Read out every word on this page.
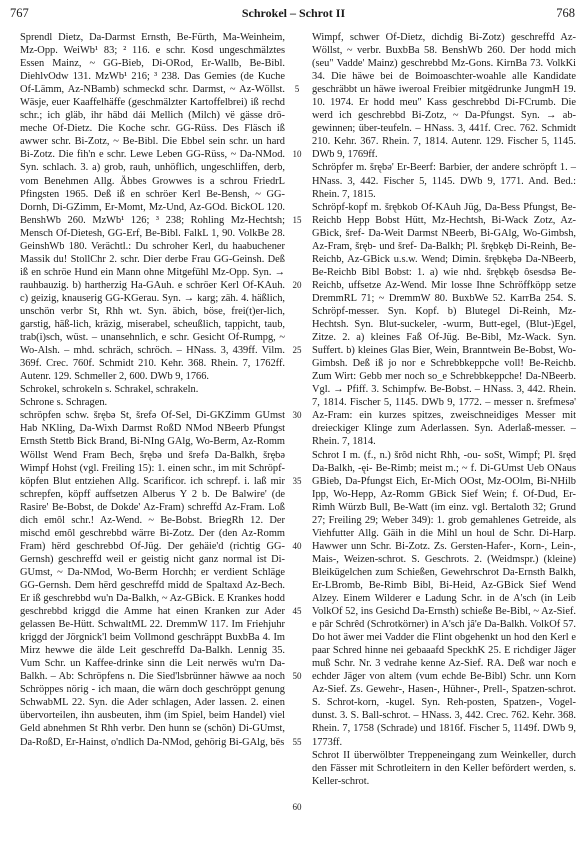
767	Schrokel – Schrot II	768

Sprendl Dietz, Da-Darmst Ernsth, Be-Fürth, Ma-Weinheim, Mz-Opp. WeiWb¹ 83; ² 116. e schr. Kosd ungeschmälztes Essen Mainz, ~ GG-Bieb, Di-ORod, Er-Wallb, Be-Bibl. DiehlvOdw 131. MzWb¹ 216; ³ 238. Das Gemies (de Kuche Of-Lämm, Az-NBamb) schmeckd schr. Darmst, ~ Az-Wöllst. Wäsje, euer Kaaffelhäffe (geschmälzter Kartoffelbrei) iß rechd schr.; ich gläb, ihr häbd dái Mellich (Milch) vë gässe drö-meche Of-Dietz. Die Koche schr. GG-Rüss. Des Fläsch iß awwer schr. Bi-Zotz, ~ Be-Bibl. Die Ebbel sein schr. un hard Bi-Zotz. Die fih'n e schr. Lewe Leben GG-Rüss, ~ Da-NMod. Syn. schlach. 3. a) grob, rauh, unhöflich, ungeschliffen, derb, vom Benehmen Allg. Äbbes Growwes is a schrou FriedrL Pfingsten 1965. Deß iß en schröer Kerl Be-Bensh, ~ GG-Dornh, Di-GZimm, Er-Momt, Mz-Und, Az-GOd. BickOL 120. BenshWb 260. MzWb¹ 126; ³ 238; Rohling Mz-Hechtsh; Mensch Of-Dietesh, GG-Erf, Be-Bibl. FalkL 1, 90. VolkBe 28. GeinshWb 180. Verächtl.: Du schroher Kerl, du haabuchener Massik du! StollChr 2. schr. Dier derbe Frau GG-Geinsh. Deß iß en schröe Hund ein Mann ohne Mitgefühl Mz-Opp. Syn. → rauhbauzig. b) hartherzig Ha-GAuh. e schröer Kerl Of-KAuh. c) geizig, knauserig GG-KGerau. Syn. → karg; zäh. 4. häßlich, unschön verbr St, Rhh wt. Syn. äbich, böse, frei(t)er-lich, garstig, häß-lich, kräzig, miserabel, scheußlich, tappicht, taub, trab(i)sch, wüst. – unansehnlich, e schr. Gesicht Of-Rumpg, ~ Wo-Alsh. – mhd. schräch, schröch. – HNass. 3, 439ff. Vilm. 369f. Crec. 760f. Schmidt 210. Kehr. 368. Rhein. 7, 1762ff. Autenr. 129. Schmeller 2, 600. DWb 9, 1766.

Schrokel, schrokeln s. Schrakel, schrakeln.

Schrone s. Schragen.

schröpfen schw. šrębə St, šrefə Of-Sel, Di-GKZimm GUmst Hab NKling, Da-Wixh Darmst RoßD NMod NBeerb Pfungst Ernsth Stettb Bick Brand, Bi-NIng GAlg, Wo-Berm, Az-Romm Wöllst Wend Fram Bech, šrębə und šrefə Da-Balkh, šrębə Wimpf Hohst (vgl. Freiling 15): 1. einen schr., im mit Schröpf-köpfen Blut entziehen Allg. Scarificor. ich schrepf. i. laß mir schrepfen, köpff auffsetzen Alberus Y 2 b. De Balwire' (de Rasire' Be-Bobst, de Dokde' Az-Fram) schreffd Az-Fram. Loß dich emôl schr.! Az-Wend. ~ Be-Bobst. BriegRh 12. Der mischd emôl geschrebbd wärre Bi-Zotz. Der (den Az-Romm Fram) hërd geschrebbd Of-Jüg. Der gehäie'd (richtig GG-Gernsh) geschreffd weil er geistig nicht ganz normal ist Di-GUmst, ~ Da-NMod, Wo-Berm Horchh; er verdient Schläge GG-Gernsh. Dem hërd geschreffd midd de Spaltaxd Az-Bech. Er iß geschrebbd wu'n Da-Balkh, ~ Az-GBick. E Krankes hodd geschrebbd kriggd die Amme hat einen Kranken zur Ader gelassen Be-Hütt. SchwaltML 22. DremmW 117. Im Friehjuhr kriggd der Jörgnick'l beim Vollmond geschräppt BuxbBa 4. Im Mirz hewwe die älde Leit geschreffd Da-Balkh. Lennig 35. Vum Schr. un Kaffee-drinke sinn die Leit nerwës wu'rn Da-Balkh. – Ab: Schröpfens n. Die Sied'lsbrünner häwwe aa noch Schröppes nörig - ich maan, die wärn doch geschröppt genung SchwabML 22. Syn. die Ader schlagen, Ader lassen. 2. einen übervorteilen, ihn ausbeuten, ihm (im Spiel, beim Handel) viel Geld abnehmen St Rhh verbr. Den hunn se (schön) Di-GUmst, Da-RoßD, Er-Hainst, o'ndlich Da-NMod, gehörig Bi-GAlg, bës

Wimpf, schwer Of-Dietz, dichdig Bi-Zotz) geschreffd Az-Wöllst, ~ verbr. BuxbBa 58. BenshWb 260. Der hodd mich (seu" Vadde' Mainz) geschrebbd Mz-Gons. KirnBa 73. VolkKi 34. Die häwe bei de Boimoaschter-woahle alle Kandidate geschräbbt un häwe iweroal Freibier mitgëdrunke JungmH 19. 10. 1974. Er hodd meu" Kass geschrebbd Di-FCrumb. Die werd ich geschrebbd Bi-Zotz, ~ Da-Pfungst. Syn. → ab-gewinnen; über-teufeln. – HNass. 3, 441f. Crec. 762. Schmidt 210. Kehr. 367. Rhein. 7, 1814. Autenr. 129. Fischer 5, 1145. DWb 9, 1769ff.

Schröpfer m. šrębə' Er-Beerf: Barbier, der andere schröpft 1. – HNass. 3, 442. Fischer 5, 1145. DWb 9, 1771. And. Bed.: Rhein. 7, 1815.

Schröpf-kopf m. šrębkob Of-KAuh Jüg, Da-Bess Pfungst, Be-Reichb Hepp Bobst Hütt, Mz-Hechtsh, Bi-Wack Zotz, Az-GBick, šref- Da-Weit Darmst NBeerb, Bi-GAlg, Wo-Gimbsh, Az-Fram, šręb- und šref- Da-Balkh; Pl. šrębkęb Di-Reinh, Be-Reichb, Az-GBick u.s.w. Wend; Dimin. šrębkębə Da-NBeerb, Be-Reichb Bibl Bobst: 1. a) wie nhd. šrębkęb ôsesdsə Be-Reichb, uffsetze Az-Wend. Mir losse Ihne Schröffköpp setze DremmRL 71; ~ DremmW 80. BuxbWe 52. KarrBa 254. S. Schröpf-messer. Syn. Kopf. b) Blutegel Di-Reinh, Mz-Hechtsh. Syn. Blut-suckeler, -wurm, Butt-egel, (Blut-)Egel, Zitze. 2. a) kleines Faß Of-Jüg. Be-Bibl, Mz-Wack. Syn. Suffert. b) kleines Glas Bier, Wein, Branntwein Be-Bobst, Wo-Gimbsh. Deß iß jo nor e Schrebbkeppche voll! Be-Reichb. Zum Wirt: Gebb mer noch so_e Schrebbkeppche! Da-NBeerb. Vgl. → Pfiff. 3. Schimpfw. Be-Bobst. – HNass. 3, 442. Rhein. 7, 1814. Fischer 5, 1145. DWb 9, 1772. – messer n. šrefmesə' Az-Fram: ein kurzes spitzes, zweischneidiges Messer mit dreieckiger Klinge zum Aderlassen. Syn. Aderlaß-messer. – Rhein. 7, 1814.

Schrot I m. (f., n.) šrôd nicht Rhh, -ou- soSt, Wimpf; Pl. šręd Da-Balkh, -ęi- Be-Rimb; meist m.; ~ f. Di-GUmst Ueb ONaus GBieb, Da-Pfungst Eich, Er-Mich OOst, Mz-OOlm, Bi-NHilb Ipp, Wo-Hepp, Az-Romm GBick Sief Wein; f. Of-Dud, Er-Rimh Würzb Bull, Be-Watt (im einz. vgl. Bertaloth 32; Grund 27; Freiling 29; Weber 349): 1. grob gemahlenes Getreide, als Viehfutter Allg. Gäih in die Mihl un houl de Schr. Di-Harp. Hawwer unn Schr. Bi-Zotz. Zs. Gersten-Hafer-, Korn-, Lein-, Mais-, Weizen-schrot. S. Geschrots. 2. (Weidmspr.) (kleine) Bleikügelchen zum Schießen, Gewehrschrot Da-Ernsth Balkh, Er-LBromb, Be-Rimb Bibl, Bi-Heid, Az-GBick Sief Wend Alzey. Einem Wilderer e Ladung Schr. in de A'sch (in Leib VolkOf 52, ins Gesichd Da-Ernsth) schieße Be-Bibl, ~ Az-Sief. e pâr Schrêd (Schrotkörner) in A'sch jâ'e Da-Balkh. VolkOf 57. Do hot äwer mei Vadder die Flint obgehenkt un hod den Kerl e paar Schred hinne nei gebaaafd SpeckhK 25. E richdiger Jäger muß Schr. Nr. 3 vedrahe kenne Az-Sief. RA. Deß war noch e echder Jäger von altem (vum echde Be-Bibl) Schr. unn Korn Az-Sief. Zs. Gewehr-, Hasen-, Hühner-, Prell-, Spatzen-schrot. S. Schrot-korn, -kugel. Syn. Reh-posten, Spatzen-, Vogel-dunst. 3. S. Ball-schrot. – HNass. 3, 442. Crec. 762. Kehr. 368. Rhein. 7, 1758 (Schrade) und 1816f. Fischer 5, 1149f. DWb 9, 1773ff.

Schrot II überwölbter Treppeneingang zum Weinkeller, durch den Fässer mit Schrotleitern in den Keller befördert werden, s. Keller-schrot.

5
10
15
20
25
30
35
40
45
50
55
60
